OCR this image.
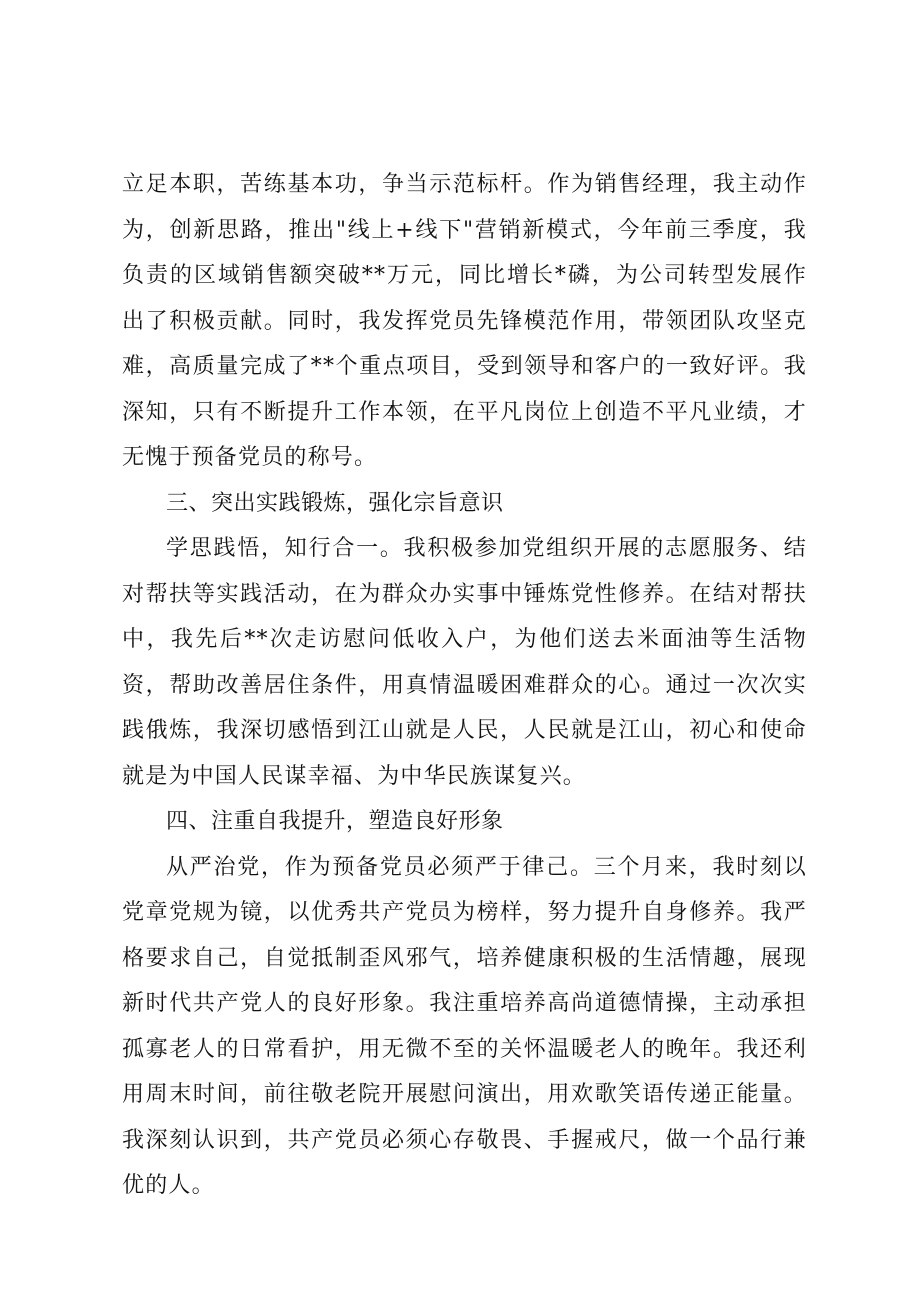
立足本职，苦练基本功，争当示范标杆。作为销售经理，我主动作为，创新思路，推出"线上+线下"营销新模式，今年前三季度，我负责的区域销售额突破**万元，同比增长*磷，为公司转型发展作出了积极贡献。同时，我发挥党员先锋模范作用，带领团队攻坚克难，高质量完成了**个重点项目，受到领导和客户的一致好评。我深知，只有不断提升工作本领，在平凡岗位上创造不平凡业绩，才无愧于预备党员的称号。

三、突出实践锻炼，强化宗旨意识

学思践悟，知行合一。我积极参加党组织开展的志愿服务、结对帮扶等实践活动，在为群众办实事中锤炼党性修养。在结对帮扶中，我先后**次走访慰问低收入户，为他们送去米面油等生活物资，帮助改善居住条件，用真情温暖困难群众的心。通过一次次实践俄炼，我深切感悟到江山就是人民，人民就是江山，初心和使命就是为中国人民谋幸福、为中华民族谋复兴。

四、注重自我提升，塑造良好形象

从严治党，作为预备党员必须严于律己。三个月来，我时刻以党章党规为镜，以优秀共产党员为榜样，努力提升自身修养。我严格要求自己，自觉抵制歪风邪气，培养健康积极的生活情趣，展现新时代共产党人的良好形象。我注重培养高尚道德情操，主动承担孤寡老人的日常看护，用无微不至的关怀温暖老人的晚年。我还利用周末时间，前往敬老院开展慰问演出，用欢歌笑语传递正能量。我深刻认识到，共产党员必须心存敬畏、手握戒尺，做一个品行兼优的人。
